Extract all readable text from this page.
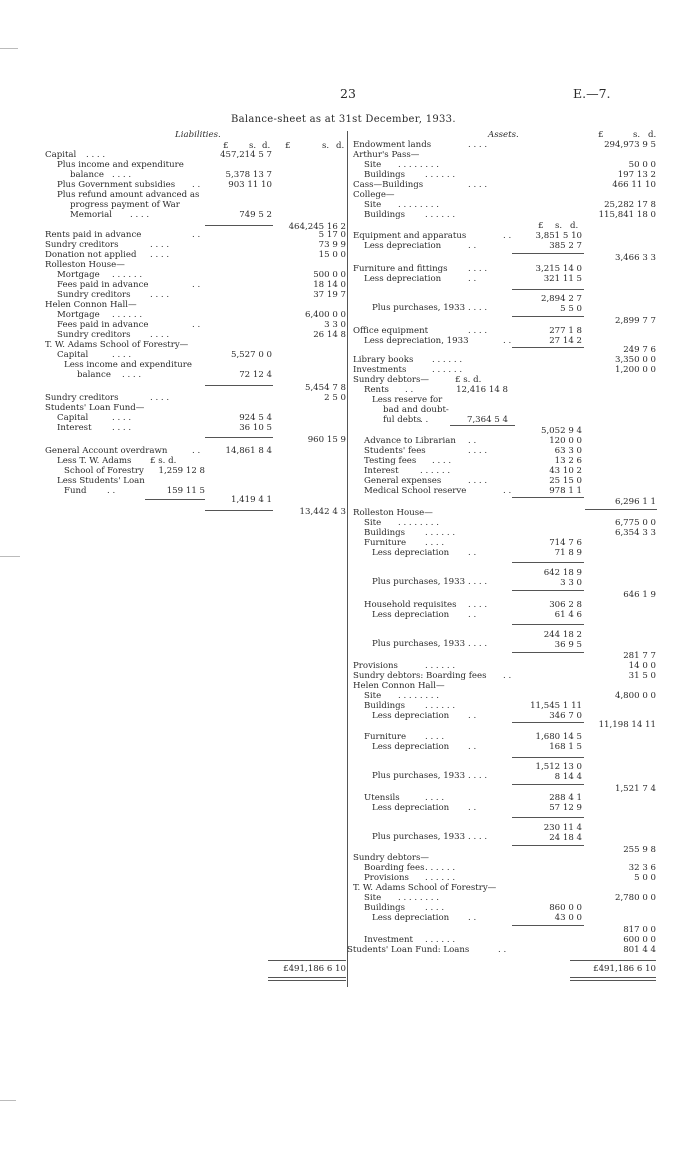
23	E.—7.
Balance-sheet as at 31st December, 1933.
Liabilities.
£ s. d. £	s. d.
Capital . . . .	457,214 5 7
Plus income and expenditure
balance . . . .	5,378 13 7
Plus Government subsidies . .	903 11 10
Plus refund amount advanced as
progress payment of War
Memorial . . . .	749 5 2
464,245 16 2
Rents paid in advance	. .	5 17 0
Sundry creditors	. . . .	73 9 9
Donation not applied . . . .	15 0 0
Rolleston House—
Mortgage . . . . . .	500 0 0
Fees paid in advance	. .	18 14 0
Sundry creditors . . . .	37 19 7
Helen Connon Hall—
Mortgage . . . . . .	6,400 0 0
Fees paid in advance	. .	3 3 0
Sundry creditors . . . .	26 14 8
T. W. Adams School of Forestry—
Capital	. . . .	5,527 0 0
Less income and expenditure
balance . . . .	72 12 4
5,454 7 8
Sundry creditors	. . . .	2 5 0
Students' Loan Fund—
Capital	. . . .	924 5 4
Interest . . . .	36 10 5
960 15 9
General Account overdrawn	. .	14,861 8 4
Less T. W. Adams £ s. d.
School of Forestry	1,259 12 8
Less Students' Loan
Fund . .	159 11 5
1,419 4 1
13,442 4 3
£491,186 6 10
Assets.	£	s. d.
Endowment lands	. . . .	294,973 9 5
Arthur's Pass—
Site . . . . . . . .	50 0 0
Buildings . . . . . .	197 13 2
Cass—Buildings	. . . .	466 11 10
College—
Site . . . . . . . .	25,282 17 8
Buildings . . . . . .	115,841 18 0
£ s. d.
Equipment and apparatus	. .	3,851 5 10
Less depreciation	. .	385 2 7
3,466 3 3
Furniture and fittings . . . .	3,215 14 0
Less depreciation	. .	321 11 5
2,894 2 7
Plus purchases, 1933 . . . .	5 5 0
2,899 7 7
Office equipment	. . . .	277 1 8
Less depreciation, 1933	. .	27 14 2
249 7 6
Library books . . . . . .	3,350 0 0
Investments	. . . . . .	1,200 0 0
Sundry debtors—	£ s. d.
Rents . .	12,416 14 8
Less reserve for
bad and doubt-
ful debts
. .	7,364 5 4
5,052 9 4
Advance to Librarian . .	120 0 0
Students' fees	. . . .	63 3 0
Testing fees . . . .	13 2 6
Interest . . . . . .	43 10 2
General expenses	. . . .	25 15 0
Medical School reserve	. .	978 1 1
6,296 1 1
Rolleston House—
Site . . . . . . . .	6,775 0 0
Buildings . . . . . .	6,354 3 3
Furniture . . . .	714 7 6
Less depreciation . .	71 8 9
642 18 9
Plus purchases, 1933 . . . .	3 3 0
646 1 9
Household requisites . . . .	306 2 8
Less depreciation . .	61 4 6
244 18 2
Plus purchases, 1933 . . . .	36 9 5
281 7 7
Provisions	. . . . . .	14 0 0
Sundry debtors: Boarding fees . .	31 5 0
Helen Connon Hall—
Site . . . . . . . .	4,800 0 0
Buildings . . . . . .	11,545 1 11
Less depreciation . .	346 7 0
11,198 14 11
Furniture . . . .	1,680 14 5
Less depreciation . .	168 1 5
1,512 13 0
Plus purchases, 1933 . . . .	8 14 4
1,521 7 4
Utensils	. . . .	288 4 1
Less depreciation . .	57 12 9
230 11 4
Plus purchases, 1933 . . . .	24 18 4
255 9 8
Sundry debtors—
Boarding fees . . . . . .	32 3 6
Provisions . . . . . .	5 0 0
T. W. Adams School of Forestry—
Site . . . . . . . .	2,780 0 0
Buildings . . . .	860 0 0
Less depreciation . .	43 0 0
817 0 0
Investment . . . . . .	600 0 0
Students' Loan Fund: Loans	. .	801 4 4
£491,186 6 10
